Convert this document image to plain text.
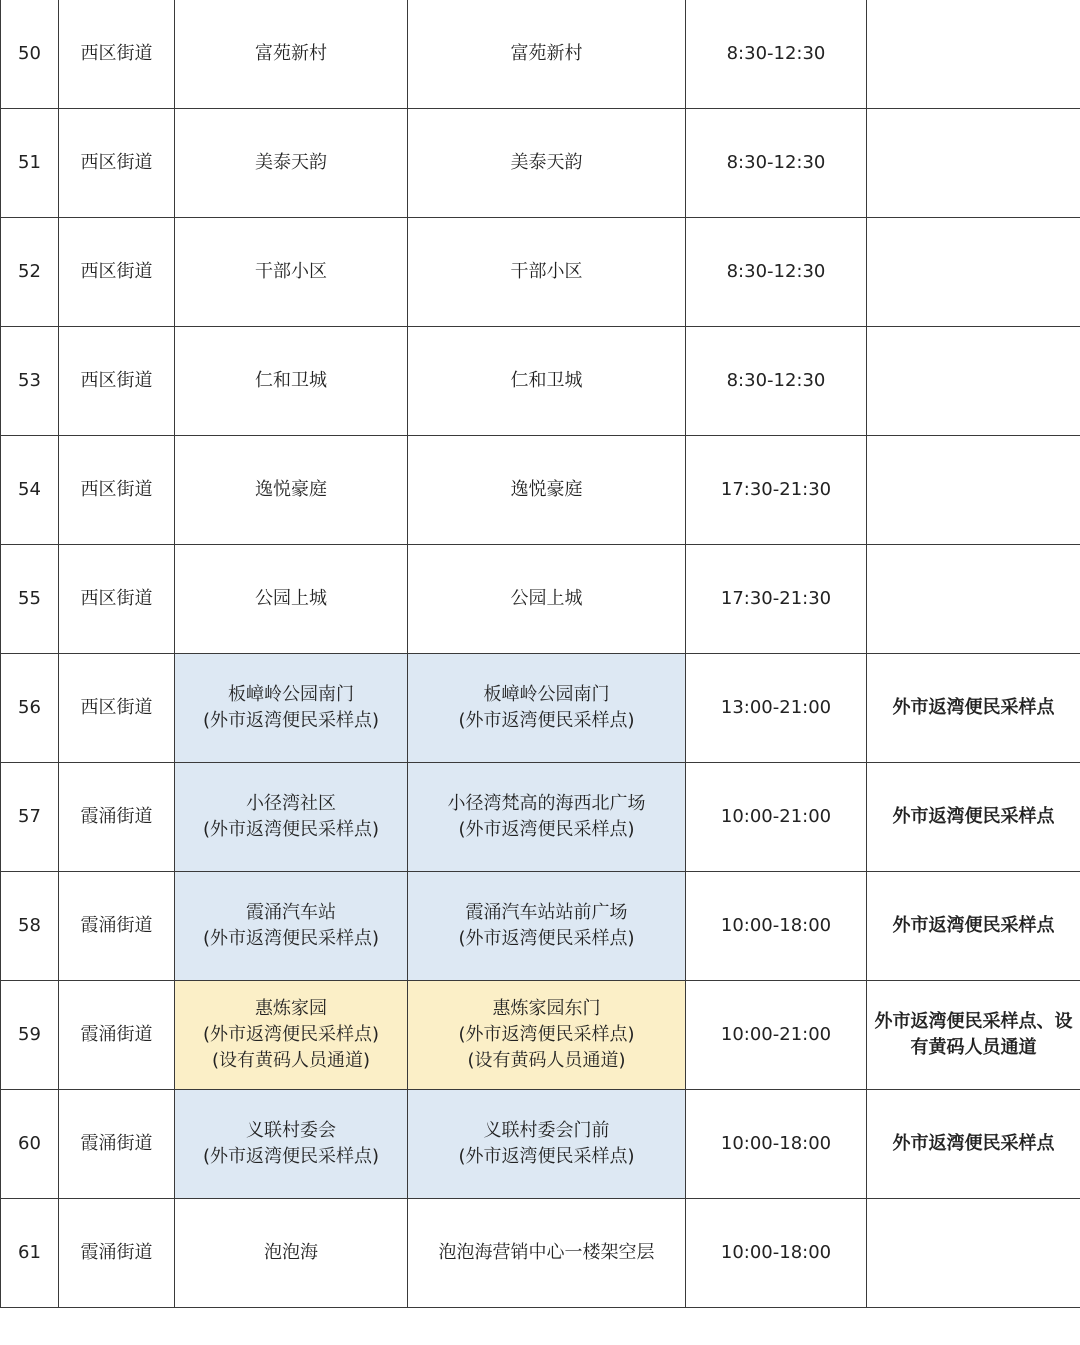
50	西区街道	富苑新村	富苑新村	8:30-12:30	
51	西区街道	美泰天韵	美泰天韵	8:30-12:30	
52	西区街道	干部小区	干部小区	8:30-12:30	
53	西区街道	仁和卫城	仁和卫城	8:30-12:30	
54	西区街道	逸悦豪庭	逸悦豪庭	17:30-21:30	
55	西区街道	公园上城	公园上城	17:30-21:30	
56	西区街道	板嶂岭公园南门
(外市返湾便民采样点)	板嶂岭公园南门
(外市返湾便民采样点)	13:00-21:00	外市返湾便民采样点

57	霞涌街道	小径湾社区
(外市返湾便民采样点)	小径湾梵高的海西北广场
(外市返湾便民采样点)	10:00-21:00	外市返湾便民采样点

58	霞涌街道	霞涌汽车站
(外市返湾便民采样点)	霞涌汽车站站前广场
(外市返湾便民采样点)	10:00-18:00	外市返湾便民采样点

59	霞涌街道	惠炼家园
(外市返湾便民采样点)
(设有黄码人员通道)	惠炼家园东门
(外市返湾便民采样点)
(设有黄码人员通道)	10:00-21:00	外市返湾便民采样点、设
有黄码人员通道

60	霞涌街道	义联村委会
(外市返湾便民采样点)	义联村委会门前
(外市返湾便民采样点)	10:00-18:00	外市返湾便民采样点

61	霞涌街道	泡泡海	泡泡海营销中心一楼架空层	10:00-18:00	
